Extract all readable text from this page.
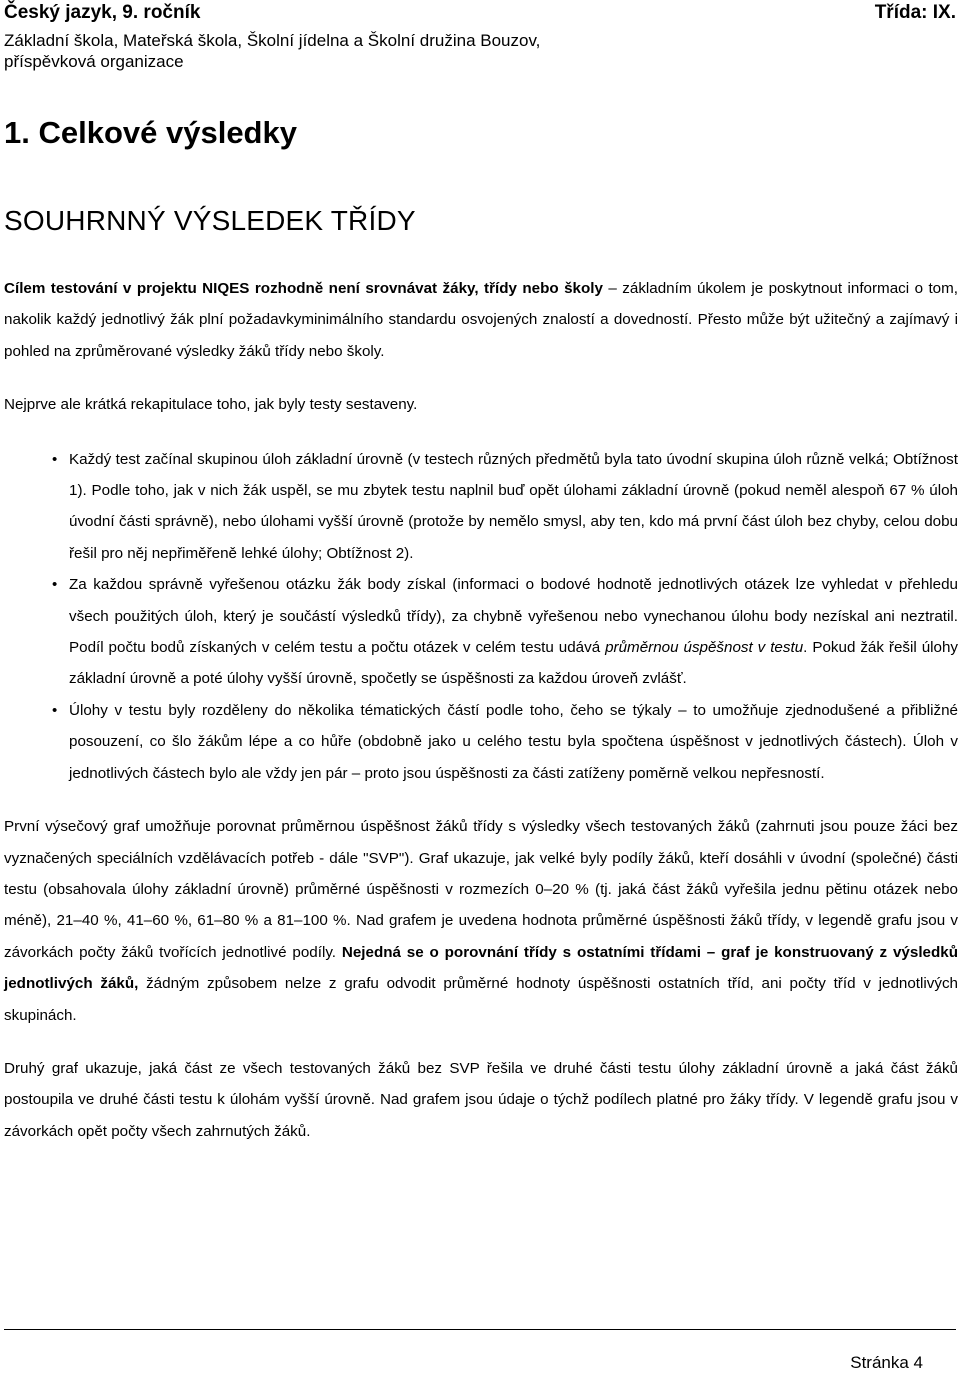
Český jazyk, 9. ročník	Třída: IX.
Základní škola, Mateřská škola, Školní jídelna a Školní družina Bouzov,
příspěvková organizace
1. Celkové výsledky
SOUHRNNÝ VÝSLEDEK TŘÍDY

Cílem testování v projektu NIQES rozhodně není srovnávat žáky, třídy nebo školy – základním úkolem je poskytnout informaci o tom, nakolik každý jednotlivý žák plní požadavkyminimálního standardu osvojených znalostí a dovedností. Přesto může být užitečný a zajímavý i pohled na zprůměrované výsledky žáků třídy nebo školy.

Nejprve ale krátká rekapitulace toho, jak byly testy sestaveny.

• Každý test začínal skupinou úloh základní úrovně (v testech různých předmětů byla tato úvodní skupina úloh různě velká; Obtížnost 1). Podle toho, jak v nich žák uspěl, se mu zbytek testu naplnil buď opět úlohami základní úrovně (pokud neměl alespoň 67 % úloh úvodní části správně), nebo úlohami vyšší úrovně (protože by nemělo smysl, aby ten, kdo má první část úloh bez chyby, celou dobu řešil pro něj nepřiměřeně lehké úlohy; Obtížnost 2).
• Za každou správně vyřešenou otázku žák body získal (informaci o bodové hodnotě jednotlivých otázek lze vyhledat v přehledu všech použitých úloh, který je součástí výsledků třídy), za chybně vyřešenou nebo vynechanou úlohu body nezískal ani neztratil. Podíl počtu bodů získaných v celém testu a počtu otázek v celém testu udává průměrnou úspěšnost v testu. Pokud žák řešil úlohy základní úrovně a poté úlohy vyšší úrovně, spočetly se úspěšnosti za každou úroveň zvlášť.
• Úlohy v testu byly rozděleny do několika tématických částí podle toho, čeho se týkaly – to umožňuje zjednodušené a přibližné posouzení, co šlo žákům lépe a co hůře (obdobně jako u celého testu byla spočtena úspěšnost v jednotlivých částech). Úloh v jednotlivých částech bylo ale vždy jen pár – proto jsou úspěšnosti za části zatíženy poměrně velkou nepřesností.

První výsečový graf umožňuje porovnat průměrnou úspěšnost žáků třídy s výsledky všech testovaných žáků (zahrnuti jsou pouze žáci bez vyznačených speciálních vzdělávacích potřeb - dále "SVP"). Graf ukazuje, jak velké byly podíly žáků, kteří dosáhli v úvodní (společné) části testu (obsahovala úlohy základní úrovně) průměrné úspěšnosti v rozmezích 0–20 % (tj. jaká část žáků vyřešila jednu pětinu otázek nebo méně), 21–40 %, 41–60 %, 61–80 % a 81–100 %. Nad grafem je uvedena hodnota průměrné úspěšnosti žáků třídy, v legendě grafu jsou v závorkách počty žáků tvořících jednotlivé podíly. Nejedná se o porovnání třídy s ostatními třídami – graf je konstruovaný z výsledků jednotlivých žáků, žádným způsobem nelze z grafu odvodit průměrné hodnoty úspěšnosti ostatních tříd, ani počty tříd v jednotlivých skupinách.

Druhý graf ukazuje, jaká část ze všech testovaných žáků bez SVP řešila ve druhé části testu úlohy základní úrovně a jaká část žáků postoupila ve druhé části testu k úlohám vyšší úrovně. Nad grafem jsou údaje o týchž podílech platné pro žáky třídy. V legendě grafu jsou v závorkách opět počty všech zahrnutých žáků.

Stránka 4
